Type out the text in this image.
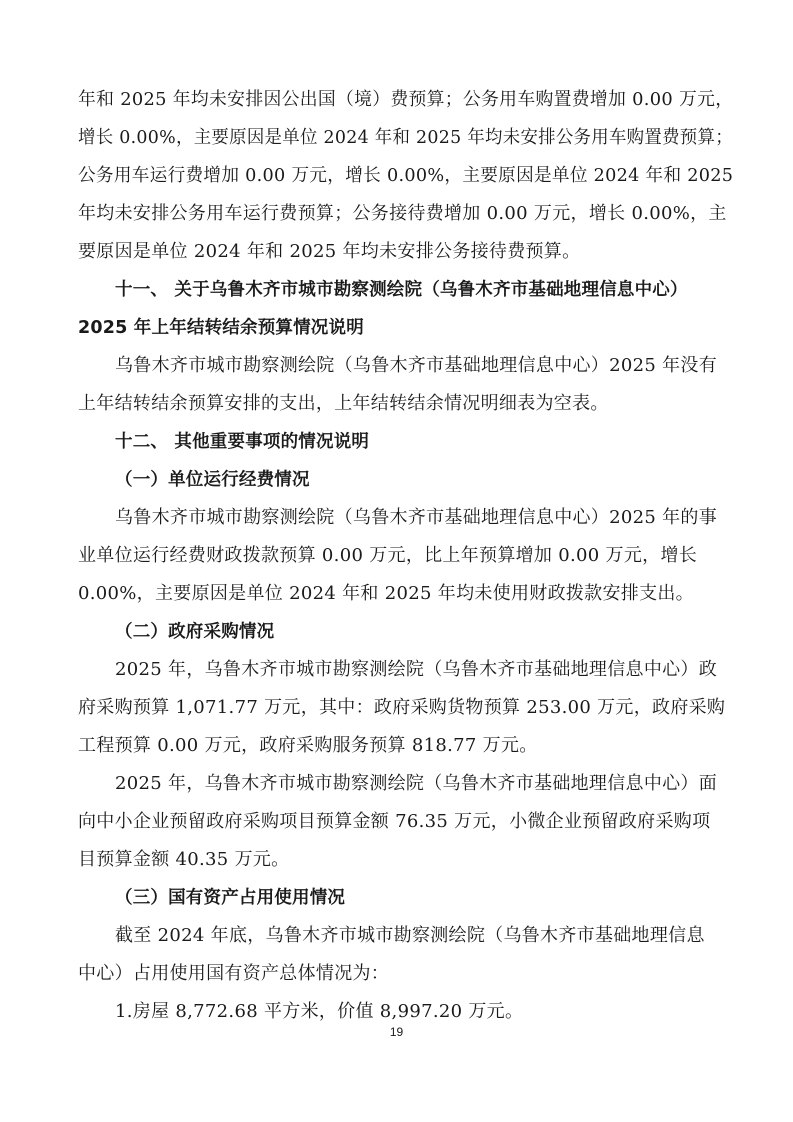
年和 2025 年均未安排因公出国（境）费预算；公务用车购置费增加 0.00 万元，
增长 0.00%，主要原因是单位 2024 年和 2025 年均未安排公务用车购置费预算；
公务用车运行费增加 0.00 万元，增长 0.00%，主要原因是单位 2024 年和 2025
年均未安排公务用车运行费预算；公务接待费增加 0.00 万元，增长 0.00%，主
要原因是单位 2024 年和 2025 年均未安排公务接待费预算。
十一、 关于乌鲁木齐市城市勘察测绘院（乌鲁木齐市基础地理信息中心）
2025 年上年结转结余预算情况说明
乌鲁木齐市城市勘察测绘院（乌鲁木齐市基础地理信息中心）2025 年没有
上年结转结余预算安排的支出，上年结转结余情况明细表为空表。
十二、 其他重要事项的情况说明
（一）单位运行经费情况
乌鲁木齐市城市勘察测绘院（乌鲁木齐市基础地理信息中心）2025 年的事
业单位运行经费财政拨款预算 0.00 万元，比上年预算增加 0.00 万元，增长
0.00%，主要原因是单位 2024 年和 2025 年均未使用财政拨款安排支出。
（二）政府采购情况
2025 年，乌鲁木齐市城市勘察测绘院（乌鲁木齐市基础地理信息中心）政
府采购预算 1,071.77 万元，其中：政府采购货物预算 253.00 万元，政府采购
工程预算 0.00 万元，政府采购服务预算 818.77 万元。
2025 年，乌鲁木齐市城市勘察测绘院（乌鲁木齐市基础地理信息中心）面
向中小企业预留政府采购项目预算金额 76.35 万元，小微企业预留政府采购项
目预算金额 40.35 万元。
（三）国有资产占用使用情况
截至 2024 年底，乌鲁木齐市城市勘察测绘院（乌鲁木齐市基础地理信息
中心）占用使用国有资产总体情况为：
1.房屋 8,772.68 平方米，价值 8,997.20 万元。
19
